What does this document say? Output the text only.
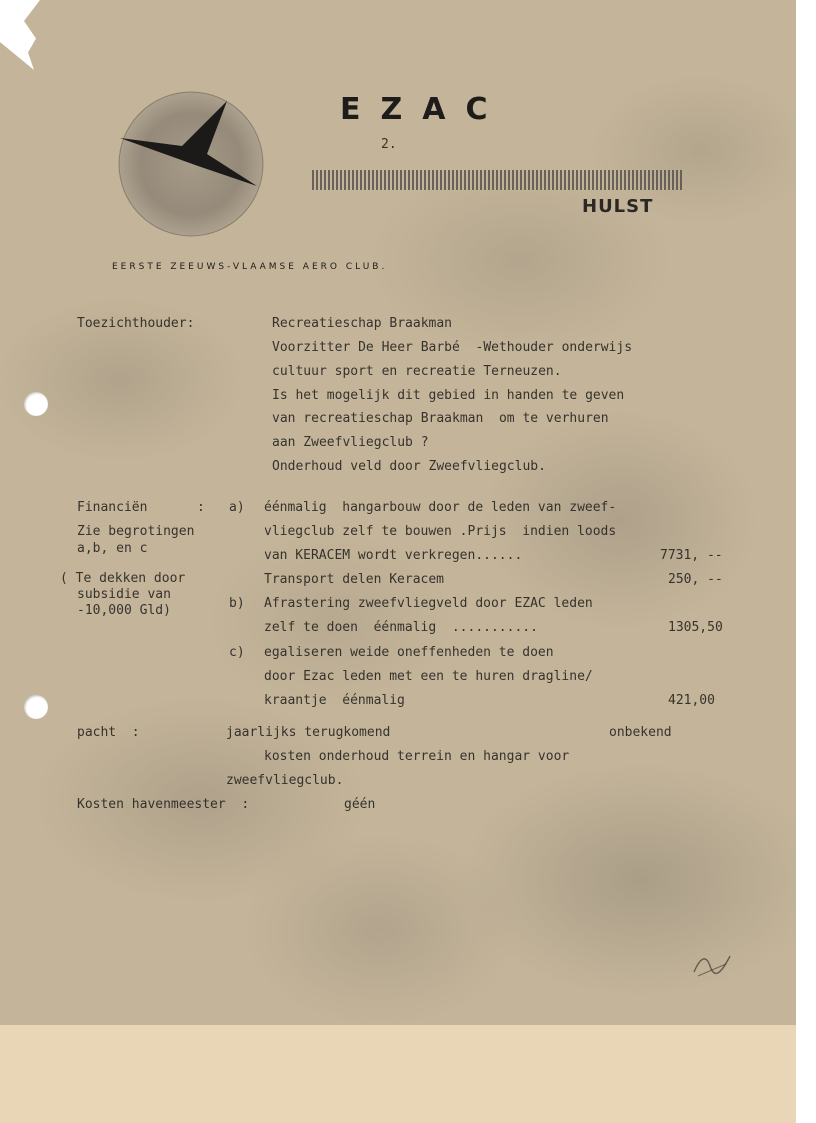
EZAC
2.
HULST
EERSTE ZEEUWS-VLAAMSE AERO CLUB.
Toezichthouder:	Recreatieschap Braakman
Voorzitter De Heer Barbé  -Wethouder onderwijs
cultuur sport en recreatie Terneuzen.
Is het mogelijk dit gebied in handen te geven
van recreatieschap Braakman  om te verhuren
aan Zweefvliegclub ?
Onderhoud veld door Zweefvliegclub.
Financiën	:
Zie begrotingen
a,b, en c
( Te dekken door
subsidie van
-10,000 Gld)
a) éénmalig  hangarbouw door de leden van zweef-
vliegclub zelf te bouwen .Prijs  indien loods
van KERACEM wordt verkregen......	7731, --
Transport delen Keracem	250, --
b) Afrastering zweefvliegveld door EZAC leden
zelf te doen  éénmalig  ...........	1305,50
c) egaliseren weide oneffenheden te doen
door Ezac leden met een te huren dragline/
kraantje  éénmalig	421,00
pacht  :	jaarlijks terugkomend	onbekend
kosten onderhoud terrein en hangar voor
zweefvliegclub.
Kosten havenmeester  :	géén
